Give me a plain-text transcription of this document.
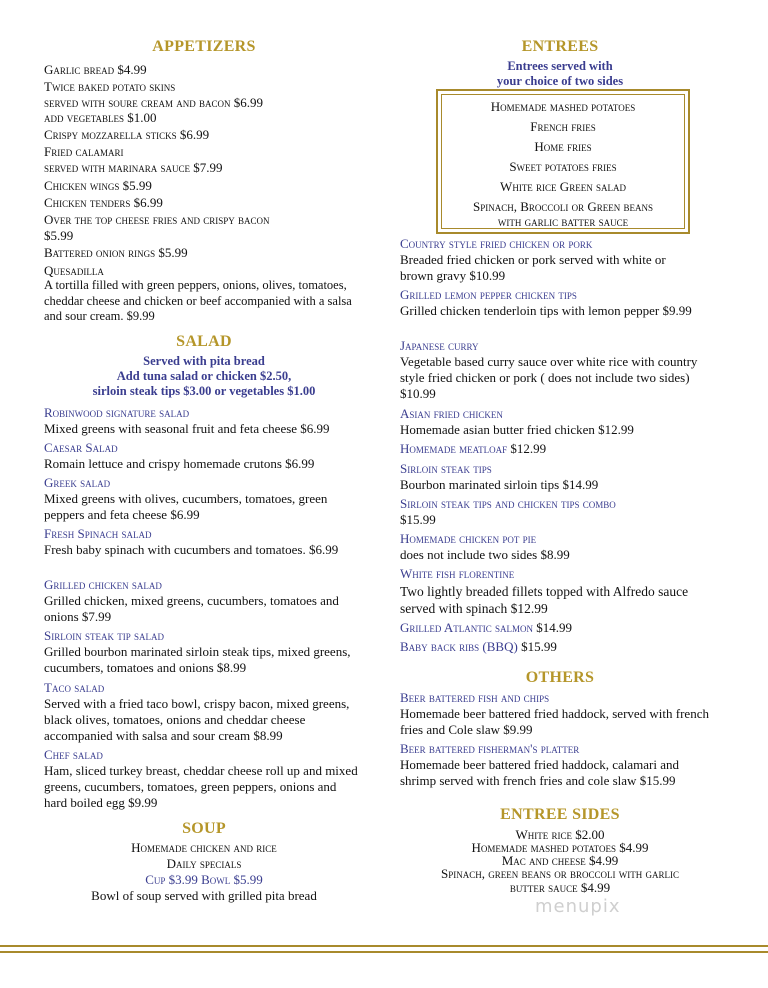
APPETIZERS
Garlic bread $4.99
Twice baked potato skins
served with soure cream and bacon $6.99
add vegetables $1.00
Crispy mozzarella sticks $6.99
Fried calamari
served with marinara sauce $7.99
Chicken wings $5.99
Chicken tenders $6.99
Over the top cheese fries and crispy bacon
$5.99
Battered onion rings $5.99
Quesadilla
A tortilla filled with green peppers, onions, olives, tomatoes, cheddar cheese and chicken or beef accompanied with a salsa and sour cream. $9.99
SALAD
Served with pita bread
Add tuna salad or chicken $2.50,
sirloin steak tips $3.00 or vegetables $1.00
Robinwood signature salad
Mixed greens with seasonal fruit and feta cheese $6.99
Caesar Salad
Romain lettuce and crispy homemade crutons $6.99
Greek salad
Mixed greens with olives, cucumbers, tomatoes, green peppers and feta cheese $6.99
Fresh Spinach salad
Fresh baby spinach with cucumbers and tomatoes. $6.99
Grilled chicken salad
Grilled chicken, mixed greens, cucumbers, tomatoes and onions $7.99
Sirloin steak tip salad
Grilled bourbon marinated sirloin steak tips, mixed greens, cucumbers, tomatoes and onions $8.99
Taco salad
Served with a fried taco bowl, crispy bacon, mixed greens, black olives, tomatoes, onions and cheddar cheese accompanied with salsa and sour cream $8.99
Chef salad
Ham, sliced turkey breast, cheddar cheese roll up and mixed greens, cucumbers, tomatoes, green peppers, onions and hard boiled egg $9.99
SOUP
Homemade chicken and rice
Daily specials
Cup $3.99 Bowl $5.99
Bowl of soup served with grilled pita bread
ENTREES
Entrees served with
your choice of two sides
Homemade mashed potatoes
French fries
Home fries
Sweet potatoes fries
White rice Green salad
Spinach, Broccoli or Green beans
with garlic batter sauce
Country style fried chicken or pork
Breaded fried chicken or pork served with white or brown gravy $10.99
Grilled lemon pepper chicken tips
Grilled chicken tenderloin tips with lemon pepper $9.99
Japanese curry
Vegetable based curry sauce over white rice with country style fried chicken or pork ( does not include two sides) $10.99
Asian fried chicken
Homemade asian butter fried chicken $12.99
Homemade meatloaf $12.99
Sirloin steak tips
Bourbon marinated sirloin tips $14.99
Sirloin steak tips and chicken tips combo
$15.99
Homemade chicken pot pie
does not include two sides $8.99
White fish florentine
Two lightly breaded fillets topped with Alfredo sauce served with spinach $12.99
Grilled Atlantic salmon $14.99
Baby back ribs (BBQ) $15.99
OTHERS
Beer battered fish and chips
Homemade beer battered fried haddock, served with french fries and Cole slaw $9.99
Beer battered fisherman's platter
Homemade beer battered fried haddock, calamari and shrimp served with french fries and cole slaw $15.99
ENTREE SIDES
White rice $2.00
Homemade mashed potatoes $4.99
Mac and cheese $4.99
Spinach, green beans or broccoli with garlic
butter sauce $4.99
menupix
